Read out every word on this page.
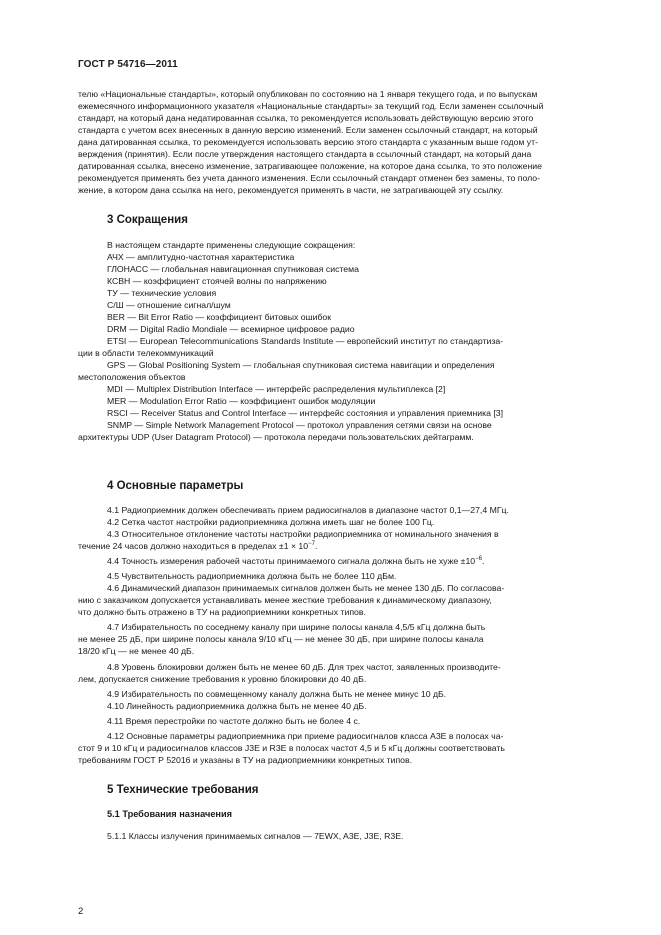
ГОСТ Р 54716—2011
телю «Национальные стандарты», который опубликован по состоянию на 1 января текущего года, и по выпускам
ежемесячного информационного указателя «Национальные стандарты» за текущий год. Если заменен ссылочный
стандарт, на который дана недатированная ссылка, то рекомендуется использовать действующую версию этого
стандарта с учетом всех внесенных в данную версию изменений. Если заменен ссылочный стандарт, на который
дана датированная ссылка, то рекомендуется использовать версию этого стандарта с указанным выше годом ут-
верждения (принятия). Если после утверждения настоящего стандарта в ссылочный стандарт, на который дана
датированная ссылка, внесено изменение, затрагивающее положение, на которое дана ссылка, то это положение
рекомендуется применять без учета данного изменения. Если ссылочный стандарт отменен без замены, то поло-
жение, в котором дана ссылка на него, рекомендуется применять в части, не затрагивающей эту ссылку.
3 Сокращения
В настоящем стандарте применены следующие сокращения:
АЧХ — амплитудно-частотная характеристика
ГЛОНАСС — глобальная навигационная спутниковая система
КСВН — коэффициент стоячей волны по напряжению
ТУ — технические условия
С/Ш — отношение сигнал/шум
BER — Bit Error Ratio — коэффициент битовых ошибок
DRM — Digital Radio Mondiale — всемирное цифровое радио
ETSI — European Telecommunications Standards Institute — европейский институт по стандартиза-
ции в области телекоммуникаций
GPS — Global Positioning System — глобальная спутниковая система навигации и определения
местоположения объектов
MDI — Multiplex Distribution Interface — интерфейс распределения мультиплекса [2]
MER — Modulation Error Ratio — коэффициент ошибок модуляции
RSCI — Receiver Status and Control Interface — интерфейс состояния и управления приемника [3]
SNMP — Simple Network Management Protocol — протокол управления сетями связи на основе
архитектуры UDP (User Datagram Protocol) — протокола передачи пользовательских дейтаграмм.
4 Основные параметры
4.1 Радиоприемник должен обеспечивать прием радиосигналов в диапазоне частот 0,1—27,4 МГц.
4.2 Сетка частот настройки радиоприемника должна иметь шаг не более 100 Гц.
4.3 Относительное отклонение частоты настройки радиоприемника от номинального значения в
течение 24 часов должно находиться в пределах $\pm 1 \times 10^{-7}$.
4.4 Точность измерения рабочей частоты принимаемого сигнала должна быть не хуже $\pm 10^{-6}$.
4.5 Чувствительность радиоприемника должна быть не более 110 дБм.
4.6 Динамический диапазон принимаемых сигналов должен быть не менее 130 дБ. По согласова-
нию с заказчиком допускается устанавливать менее жесткие требования к динамическому диапазону,
что должно быть отражено в ТУ на радиоприемники конкретных типов.
4.7 Избирательность по соседнему каналу при ширине полосы канала 4,5/5 кГц должна быть
не менее 25 дБ, при ширине полосы канала 9/10 кГц — не менее 30 дБ, при ширине полосы канала
18/20 кГц — не менее 40 дБ.
4.8 Уровень блокировки должен быть не менее 60 дБ. Для трех частот, заявленных производите-
лем, допускается снижение требования к уровню блокировки до 40 дБ.
4.9 Избирательность по совмещенному каналу должна быть не менее минус 10 дБ.
4.10 Линейность радиоприемника должна быть не менее 40 дБ.
4.11 Время перестройки по частоте должно быть не более 4 с.
4.12 Основные параметры радиоприемника при приеме радиосигналов класса А3Е в полосах ча-
стот 9 и 10 кГц и радиосигналов классов J3E и R3E в полосах частот 4,5 и 5 кГц должны соответствовать
требованиям ГОСТ Р 52016 и указаны в ТУ на радиоприемники конкретных типов.
5 Технические требования
5.1 Требования назначения
5.1.1 Классы излучения принимаемых сигналов — 7EWX, A3E, J3E, R3E.
2
